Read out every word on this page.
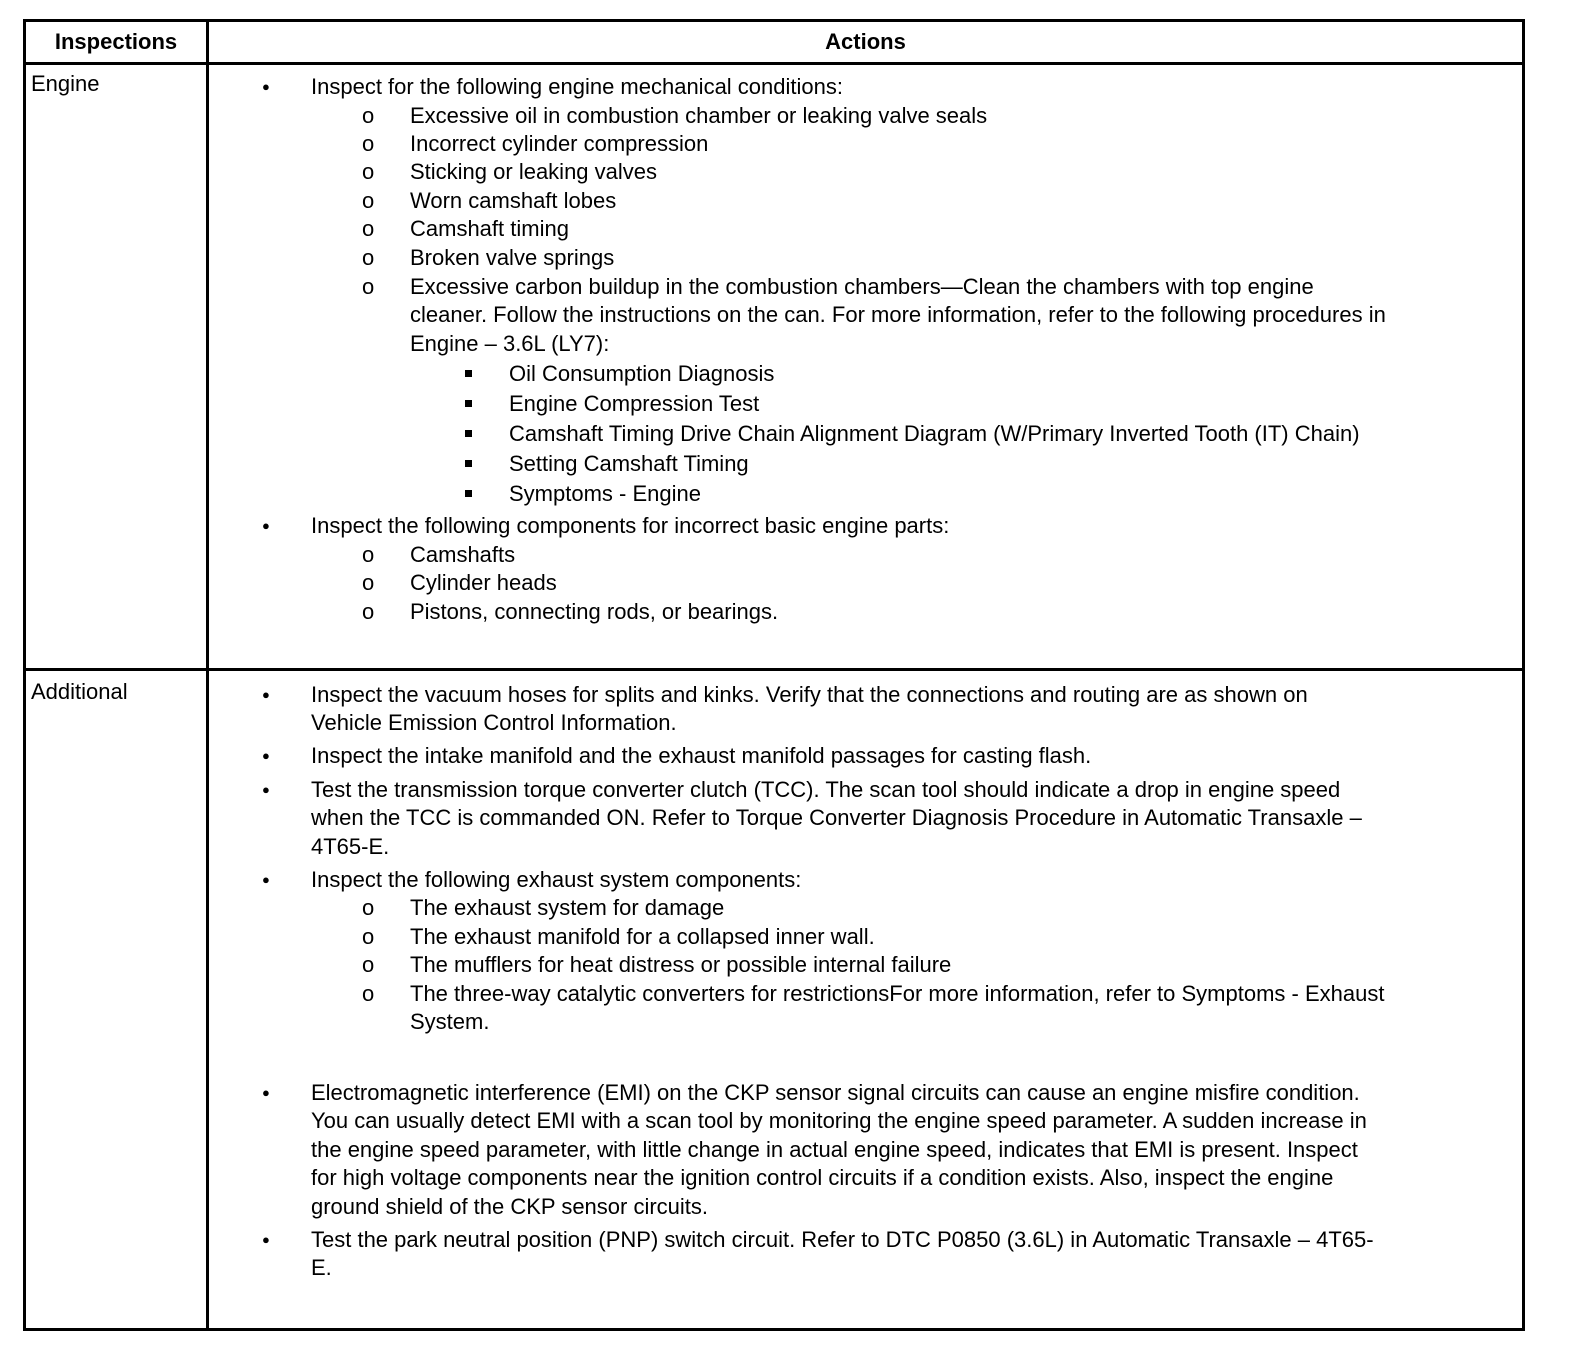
Inspections	Actions
Engine
Additional
● Inspect for the following engine mechanical conditions:
o Excessive oil in combustion chamber or leaking valve seals
o Incorrect cylinder compression
o Sticking or leaking valves
o Worn camshaft lobes
o Camshaft timing
o Broken valve springs
o Excessive carbon buildup in the combustion chambers—Clean the chambers with top engine
cleaner. Follow the instructions on the can. For more information, refer to the following procedures in
Engine – 3.6L (LY7):
Oil Consumption Diagnosis
Engine Compression Test
Camshaft Timing Drive Chain Alignment Diagram (W/Primary Inverted Tooth (IT) Chain)
Setting Camshaft Timing
Symptoms - Engine
● Inspect the following components for incorrect basic engine parts:
o Camshafts
o Cylinder heads
o Pistons, connecting rods, or bearings.
● Inspect the vacuum hoses for splits and kinks. Verify that the connections and routing are as shown on
Vehicle Emission Control Information.
● Inspect the intake manifold and the exhaust manifold passages for casting flash.
● Test the transmission torque converter clutch (TCC). The scan tool should indicate a drop in engine speed
when the TCC is commanded ON. Refer to Torque Converter Diagnosis Procedure in Automatic Transaxle –
4T65-E.
● Inspect the following exhaust system components:
o The exhaust system for damage
o The exhaust manifold for a collapsed inner wall.
o The mufflers for heat distress or possible internal failure
o The three-way catalytic converters for restrictionsFor more information, refer to Symptoms - Exhaust
System.
● Electromagnetic interference (EMI) on the CKP sensor signal circuits can cause an engine misfire condition.
You can usually detect EMI with a scan tool by monitoring the engine speed parameter. A sudden increase in
the engine speed parameter, with little change in actual engine speed, indicates that EMI is present. Inspect
for high voltage components near the ignition control circuits if a condition exists. Also, inspect the engine
ground shield of the CKP sensor circuits.
● Test the park neutral position (PNP) switch circuit. Refer to DTC P0850 (3.6L) in Automatic Transaxle – 4T65-
E.
